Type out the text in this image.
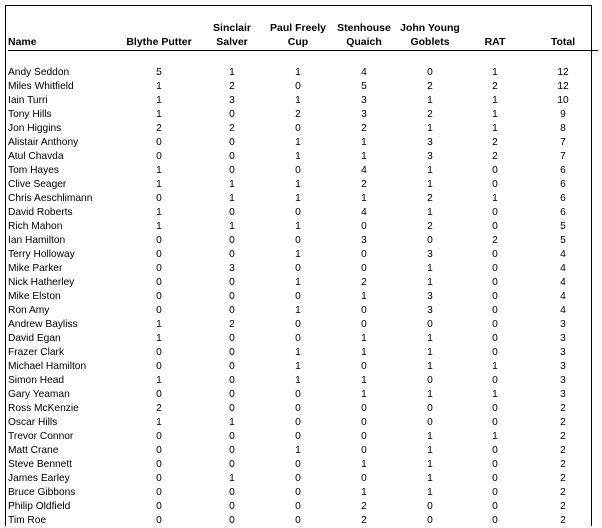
Name	Blythe Putter	Sinclair Salver	Paul Freely Cup	Stenhouse Quaich	John Young Goblets	RAT	Total

Andy Seddon	5	1	1	4	0	1	12
Miles Whitfield	1	2	0	5	2	2	12
Iain Turri	1	3	1	3	1	1	10
Tony Hills	1	0	2	3	2	1	9
Jon Higgins	2	2	0	2	1	1	8
Alistair Anthony	0	0	1	1	3	2	7
Atul Chavda	0	0	1	1	3	2	7
Tom Hayes	1	0	0	4	1	0	6
Clive Seager	1	1	1	2	1	0	6
Chris Aeschlimann	0	1	1	1	2	1	6
David Roberts	1	0	0	4	1	0	6
Rich Mahon	1	1	1	0	2	0	5
Ian Hamilton	0	0	0	3	0	2	5
Terry Holloway	0	0	1	0	3	0	4
Mike Parker	0	3	0	0	1	0	4
Nick Hatherley	0	0	1	2	1	0	4
Mike Elston	0	0	0	1	3	0	4
Ron Amy	0	0	1	0	3	0	4
Andrew Bayliss	1	2	0	0	0	0	3
David Egan	1	0	0	1	1	0	3
Frazer Clark	0	0	1	1	1	0	3
Michael Hamilton	0	0	1	0	1	1	3
Simon Head	1	0	1	1	0	0	3
Gary Yeaman	0	0	0	1	1	1	3
Ross McKenzie	2	0	0	0	0	0	2
Oscar Hills	1	1	0	0	0	0	2
Trevor Connor	0	0	0	0	1	1	2
Matt Crane	0	0	1	0	1	0	2
Steve Bennett	0	0	0	1	1	0	2
James Earley	0	1	0	0	1	0	2
Bruce Gibbons	0	0	0	1	1	0	2
Philip Oldfield	0	0	0	2	0	0	2
Tim Roe	0	0	0	2	0	0	2
